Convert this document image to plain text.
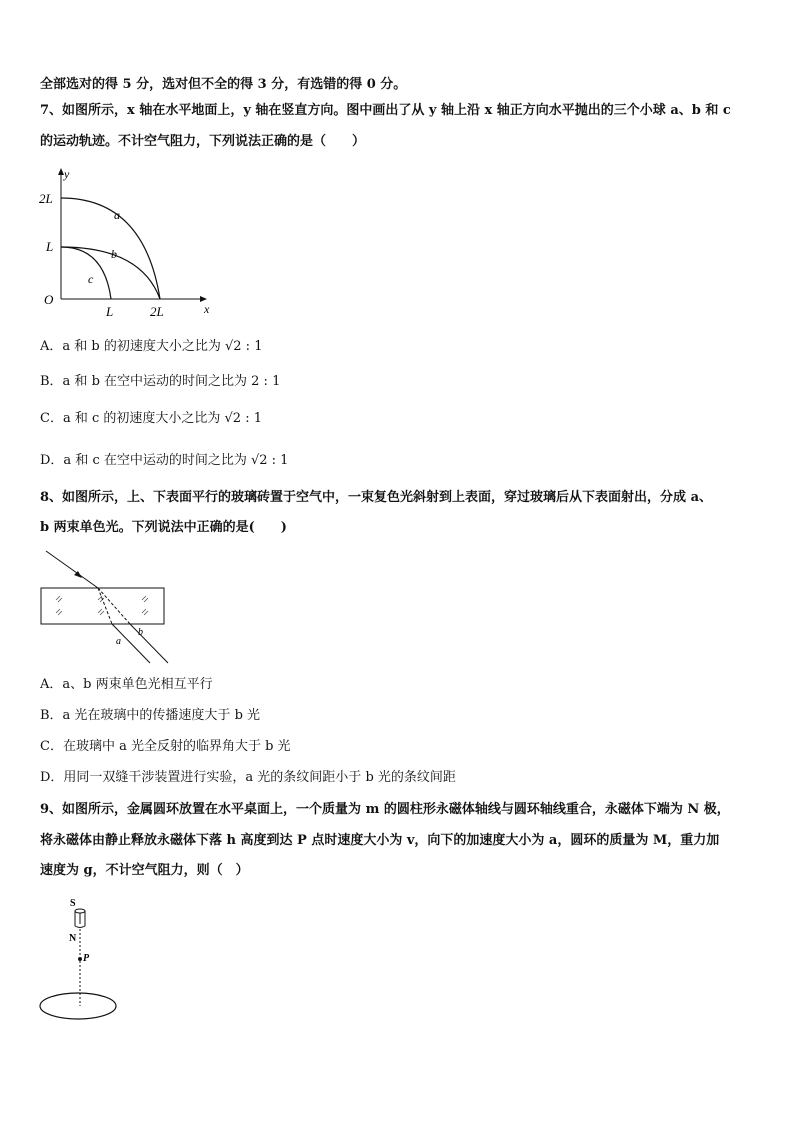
全部选对的得 5 分，选对但不全的得 3 分，有选错的得 0 分。
7、如图所示，x 轴在水平地面上，y 轴在竖直方向。图中画出了从 y 轴上沿 x 轴正方向水平抛出的三个小球 a、b 和 c
的运动轨迹。不计空气阻力，下列说法正确的是（　　）
y
x
O
2L
L
L	2L
a
b
c
A．a 和 b 的初速度大小之比为 √2 : 1
B．a 和 b 在空中运动的时间之比为 2 : 1
C．a 和 c 的初速度大小之比为 √2 : 1
D．a 和 c 在空中运动的时间之比为 √2 : 1
8、如图所示，上、下表面平行的玻璃砖置于空气中，一束复色光斜射到上表面，穿过玻璃后从下表面射出，分成 a、
b 两束单色光。下列说法中正确的是(　　)
a
b
A．a、b 两束单色光相互平行
B．a 光在玻璃中的传播速度大于 b 光
C．在玻璃中 a 光全反射的临界角大于 b 光
D．用同一双缝干涉装置进行实验，a 光的条纹间距小于 b 光的条纹间距
9、如图所示，金属圆环放置在水平桌面上，一个质量为 m 的圆柱形永磁体轴线与圆环轴线重合，永磁体下端为 N 极，
将永磁体由静止释放永磁体下落 h 高度到达 P 点时速度大小为 v，向下的加速度大小为 a，圆环的质量为 M，重力加
速度为 g，不计空气阻力，则（　）
S
N
P
